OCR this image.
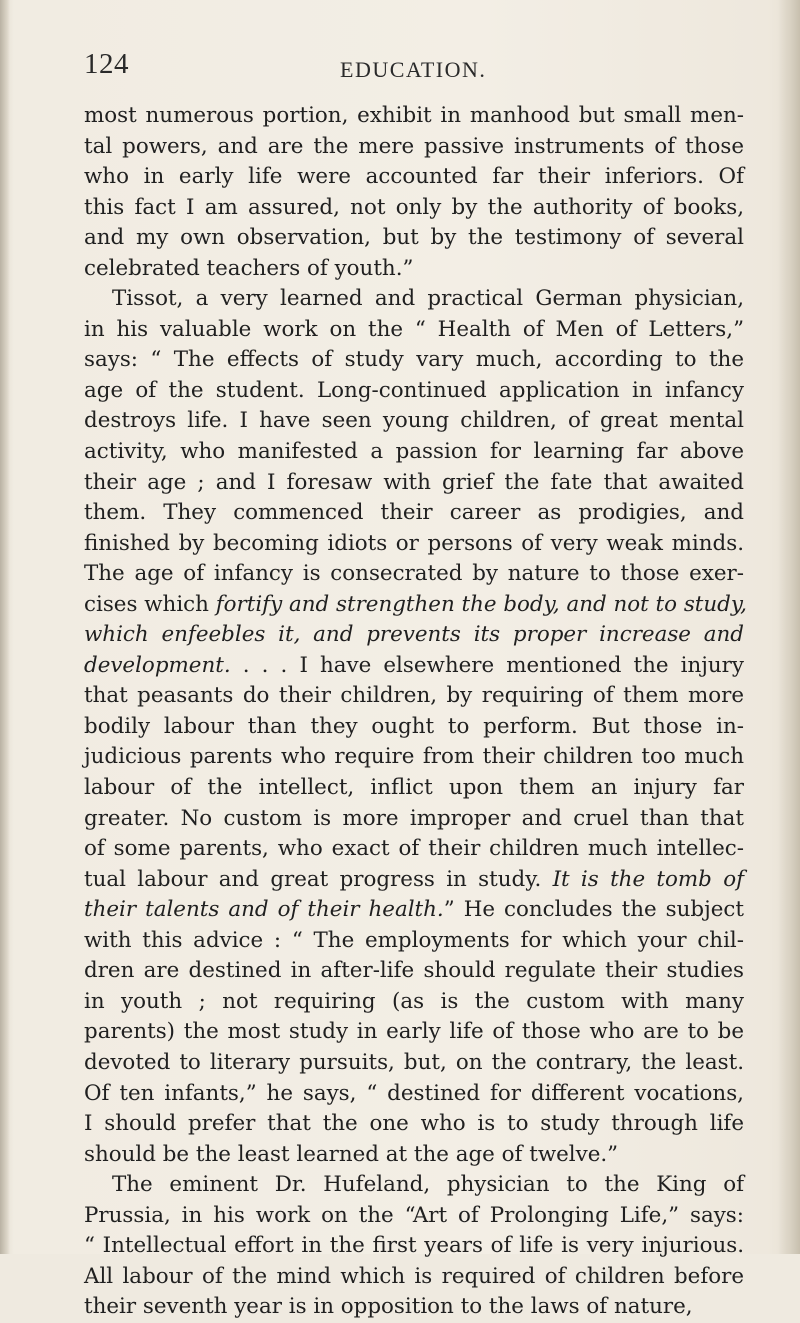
124	EDUCATION.
most numerous portion, exhibit in manhood but small men-
tal powers, and are the mere passive instruments of those
who in early life were accounted far their inferiors. Of
this fact I am assured, not only by the authority of books,
and my own observation, but by the testimony of several
celebrated teachers of youth.”
Tissot, a very learned and practical German physician,
in his valuable work on the “ Health of Men of Letters,”
says: “ The effects of study vary much, according to the
age of the student. Long-continued application in infancy
destroys life. I have seen young children, of great mental
activity, who manifested a passion for learning far above
their age ; and I foresaw with grief the fate that awaited
them. They commenced their career as prodigies, and
finished by becoming idiots or persons of very weak minds.
The age of infancy is consecrated by nature to those exer-
cises which fortify and strengthen the body, and not to study,
which enfeebles it, and prevents its proper increase and
development. . . . I have elsewhere mentioned the injury
that peasants do their children, by requiring of them more
bodily labour than they ought to perform. But those in-
judicious parents who require from their children too much
labour of the intellect, inflict upon them an injury far
greater. No custom is more improper and cruel than that
of some parents, who exact of their children much intellec-
tual labour and great progress in study. It is the tomb of
their talents and of their health.” He concludes the subject
with this advice : “ The employments for which your chil-
dren are destined in after-life should regulate their studies
in youth ; not requiring (as is the custom with many
parents) the most study in early life of those who are to be
devoted to literary pursuits, but, on the contrary, the least.
Of ten infants,” he says, “ destined for different vocations,
I should prefer that the one who is to study through life
should be the least learned at the age of twelve.”
The eminent Dr. Hufeland, physician to the King of
Prussia, in his work on the “Art of Prolonging Life,” says:
“ Intellectual effort in the first years of life is very injurious.
All labour of the mind which is required of children before
their seventh year is in opposition to the laws of nature,
